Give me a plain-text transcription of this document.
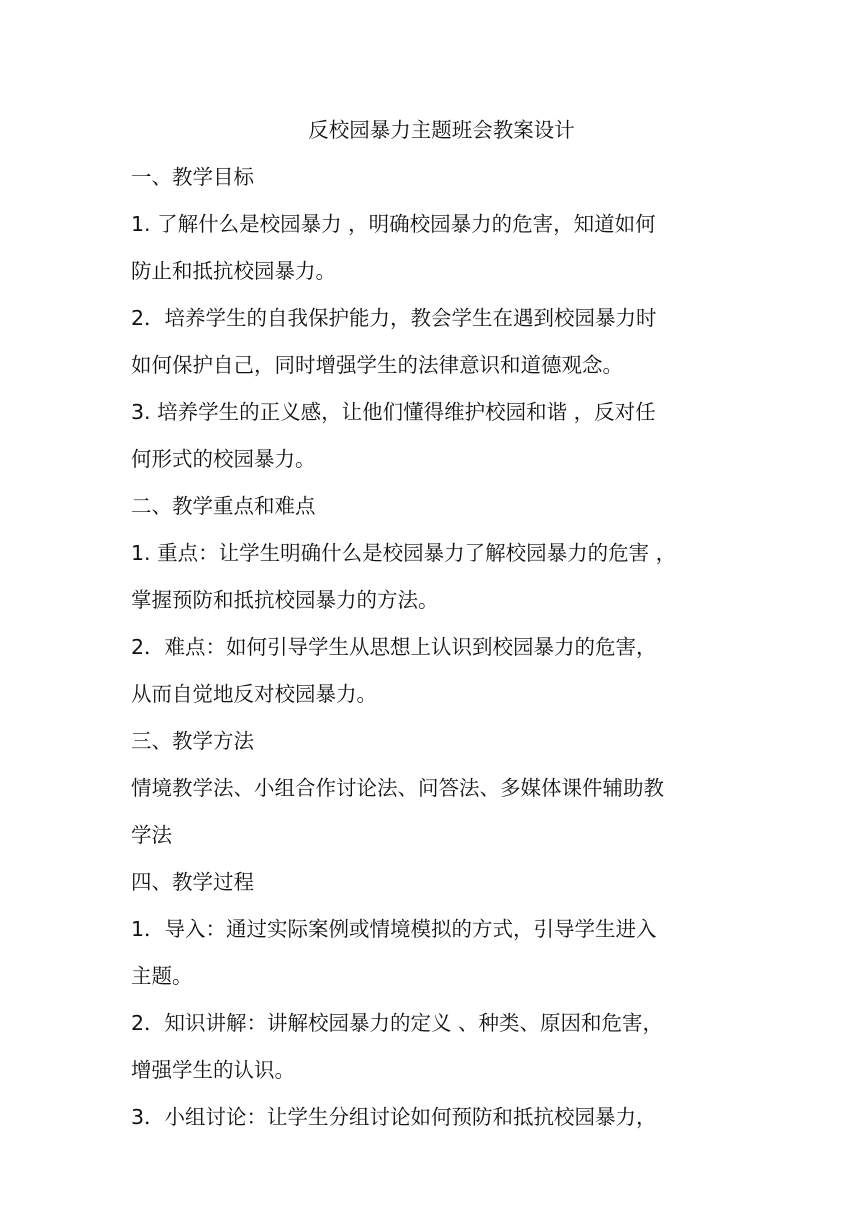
反校园暴力主题班会教案设计

一、教学目标

1. 了解什么是校园暴力 ，明确校园暴力的危害，知道如何

防止和抵抗校园暴力。

2．培养学生的自我保护能力，教会学生在遇到校园暴力时

如何保护自己，同时增强学生的法律意识和道德观念。

3. 培养学生的正义感，让他们懂得维护校园和谐 ，反对任

何形式的校园暴力。

二、教学重点和难点

1. 重点：让学生明确什么是校园暴力了解校园暴力的危害 ，

掌握预防和抵抗校园暴力的方法。

2．难点：如何引导学生从思想上认识到校园暴力的危害，

从而自觉地反对校园暴力。

三、教学方法

情境教学法、小组合作讨论法、问答法、多媒体课件辅助教

学法

四、教学过程

1．导入：通过实际案例或情境模拟的方式，引导学生进入

主题。

2．知识讲解：讲解校园暴力的定义 、种类、原因和危害，

增强学生的认识。

3．小组讨论：让学生分组讨论如何预防和抵抗校园暴力，
